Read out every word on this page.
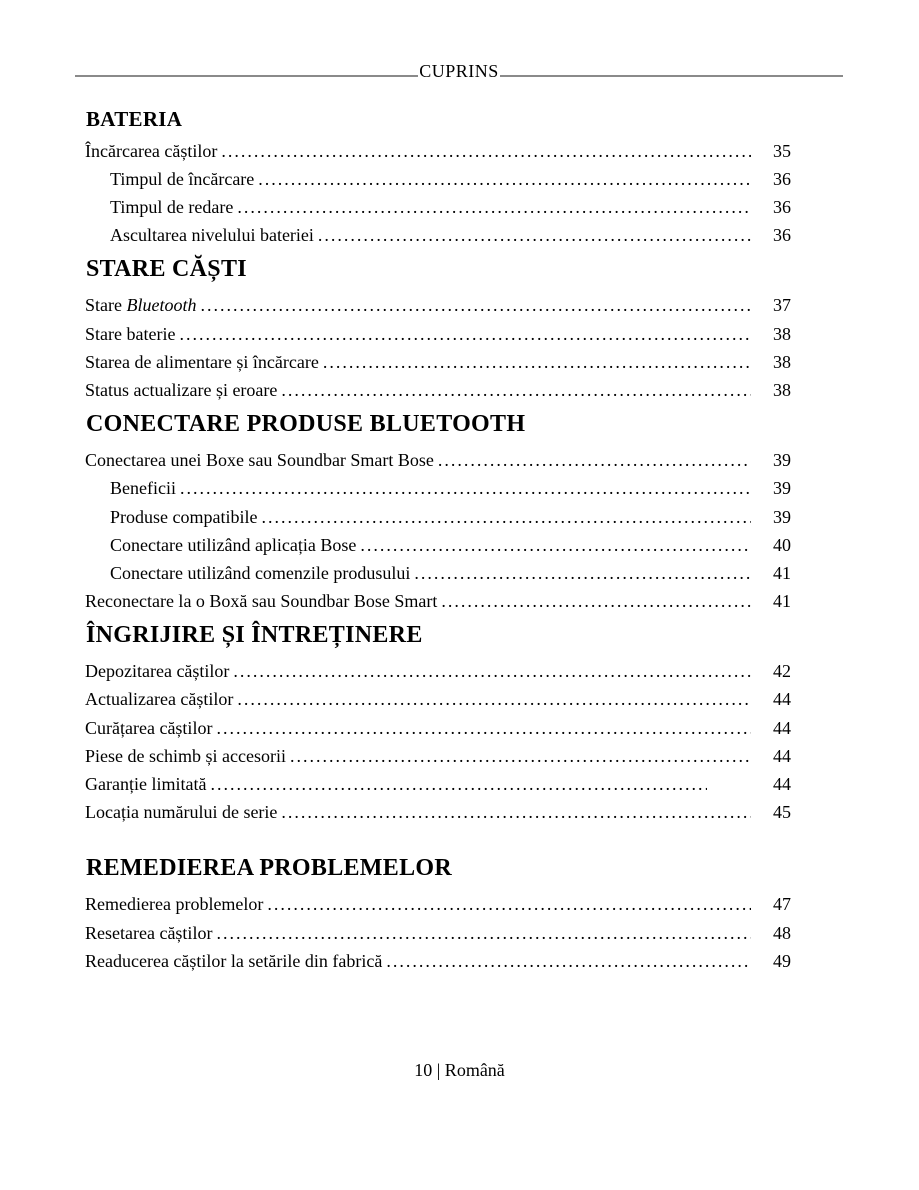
CUPRINS
BATERIA
Încărcarea căștilor .....	35
Timpul de încărcare .....	36
Timpul de redare .....	36
Ascultarea nivelului bateriei .....	36
STARE CĂȘTI
Stare Bluetooth .....	37
Stare baterie .....	38
Starea de alimentare și încărcare .....	38
Status actualizare și eroare .....	38
CONECTARE PRODUSE BLUETOOTH
Conectarea unei Boxe sau Soundbar Smart Bose .....	39
Beneficii .....	39
Produse compatibile .....	39
Conectare utilizând aplicația Bose .....	40
Conectare utilizând comenzile produsului .....	41
Reconectare la o Boxă sau Soundbar Bose Smart .....	41
ÎNGRIJIRE ȘI ÎNTREȚINERE
Depozitarea căștilor .....	42
Actualizarea căștilor .....	44
Curățarea căștilor .....	44
Piese de schimb și accesorii .....	44
Garanție limitată .....	44
Locația numărului de serie .....	45
REMEDIEREA PROBLEMELOR
Remedierea problemelor .....	47
Resetarea căștilor .....	48
Readucerea căștilor la setările din fabrică .....	49
10 | Română
